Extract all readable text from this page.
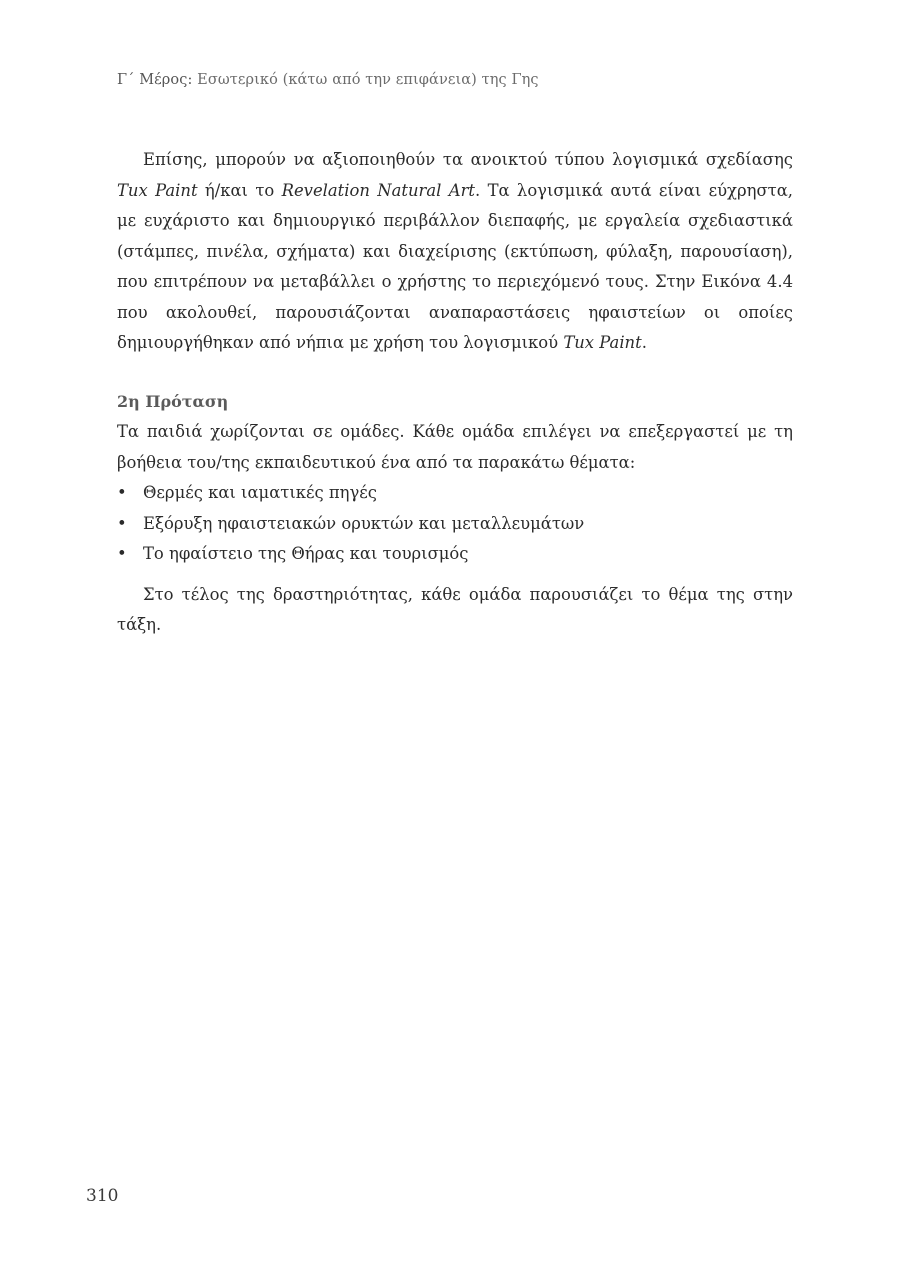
Γ΄ Μέρος: Εσωτερικό (κάτω από την επιφάνεια) της Γης

Επίσης, μπορούν να αξιοποιηθούν τα ανοικτού τύπου λογισμικά σχεδίασης Tux Paint ή/και το Revelation Natural Art. Τα λογισμικά αυτά είναι εύχρηστα, με ευχάριστο και δημιουργικό περιβάλλον διεπαφής, με εργαλεία σχεδιαστικά (στάμπες, πινέλα, σχήματα) και διαχείρισης (εκτύπωση, φύλαξη, παρουσίαση), που επιτρέπουν να μεταβάλλει ο χρήστης το περιεχόμενό τους. Στην Εικόνα 4.4 που ακολουθεί, παρουσιάζονται αναπαραστάσεις ηφαιστείων οι οποίες δημιουργήθηκαν από νήπια με χρήση του λογισμικού Tux Paint.

2η Πρόταση

Τα παιδιά χωρίζονται σε ομάδες. Κάθε ομάδα επιλέγει να επεξεργαστεί με τη βοήθεια του/της εκπαιδευτικού ένα από τα παρακάτω θέματα:

• Θερμές και ιαματικές πηγές
• Εξόρυξη ηφαιστειακών ορυκτών και μεταλλευμάτων
• Το ηφαίστειο της Θήρας και τουρισμός

Στο τέλος της δραστηριότητας, κάθε ομάδα παρουσιάζει το θέμα της στην τάξη.

310
